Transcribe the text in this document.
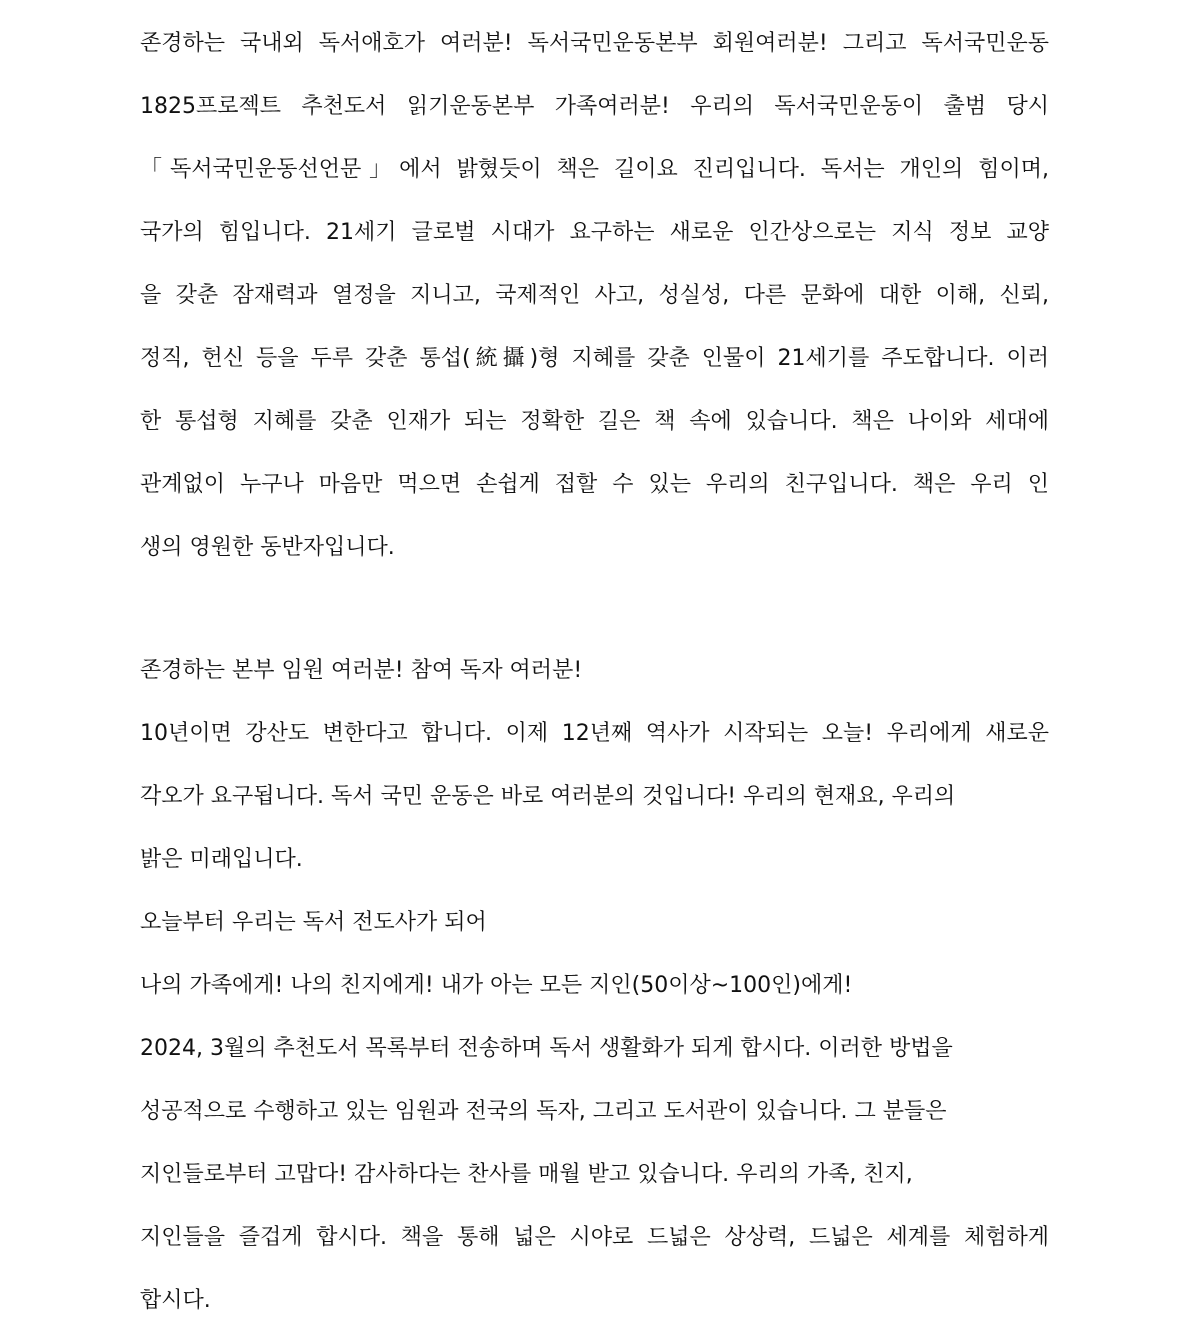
존경하는 국내외 독서애호가 여러분! 독서국민운동본부 회원여러분! 그리고 독서국민운동
1825프로젝트 추천도서 읽기운동본부 가족여러분! 우리의 독서국민운동이 출범 당시
「독서국민운동선언문」에서 밝혔듯이 책은 길이요 진리입니다. 독서는 개인의 힘이며,
국가의 힘입니다. 21세기 글로벌 시대가 요구하는 새로운 인간상으로는 지식 정보 교양
을 갖춘 잠재력과 열정을 지니고, 국제적인 사고, 성실성, 다른 문화에 대한 이해, 신뢰,
정직, 헌신 등을 두루 갖춘 통섭(統攝)형 지혜를 갖춘 인물이 21세기를 주도합니다. 이러
한 통섭형 지혜를 갖춘 인재가 되는 정확한 길은 책 속에 있습니다. 책은 나이와 세대에
관계없이 누구나 마음만 먹으면 손쉽게 접할 수 있는 우리의 친구입니다. 책은 우리 인
생의 영원한 동반자입니다.
존경하는 본부 임원 여러분! 참여 독자 여러분!
10년이면 강산도 변한다고 합니다. 이제 12년째 역사가 시작되는 오늘! 우리에게 새로운
각오가 요구됩니다. 독서 국민 운동은 바로 여러분의 것입니다! 우리의 현재요, 우리의
밝은 미래입니다.
오늘부터 우리는 독서 전도사가 되어
나의 가족에게! 나의 친지에게! 내가 아는 모든 지인(50이상~100인)에게!
2024, 3월의 추천도서 목록부터 전송하며 독서 생활화가 되게 합시다. 이러한 방법을
성공적으로 수행하고 있는 임원과 전국의 독자, 그리고 도서관이 있습니다. 그 분들은
지인들로부터 고맙다! 감사하다는 찬사를 매월 받고 있습니다. 우리의 가족, 친지,
지인들을 즐겁게 합시다. 책을 통해 넓은 시야로 드넓은 상상력, 드넓은 세계를 체험하게
합시다.
